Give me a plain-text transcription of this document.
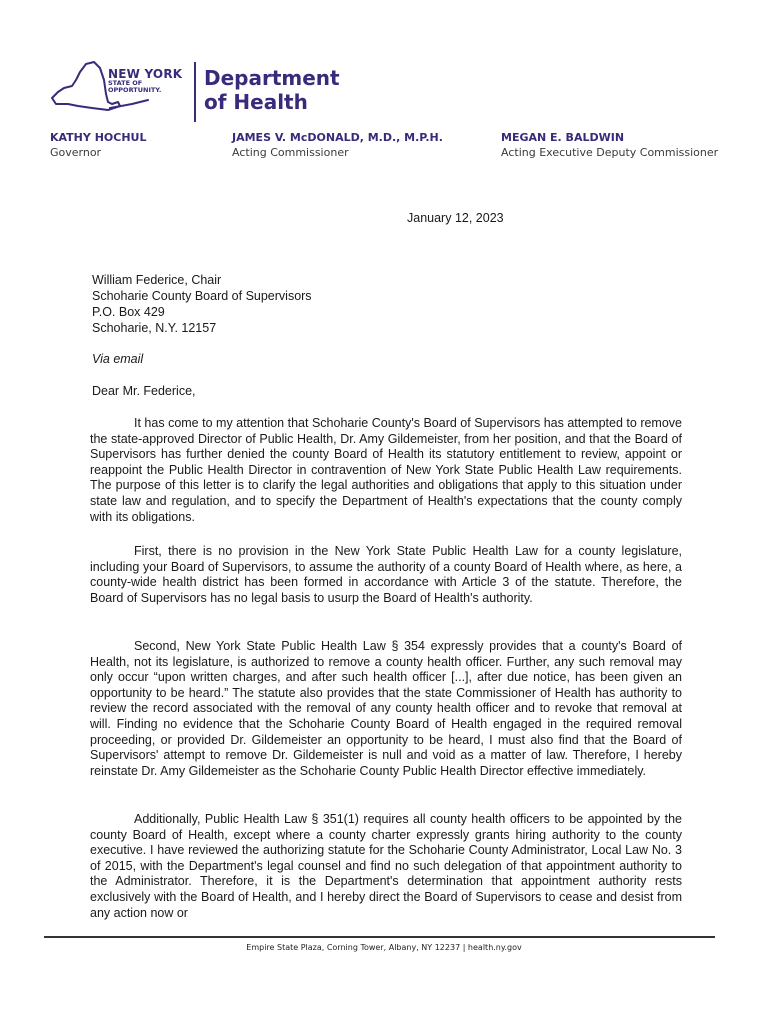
NEW YORK
STATE OF
OPPORTUNITY.	Department
of Health
KATHY HOCHUL
Governor
JAMES V. McDONALD, M.D., M.P.H.
Acting Commissioner
MEGAN E. BALDWIN
Acting Executive Deputy Commissioner
January 12, 2023
William Federice, Chair
Schoharie County Board of Supervisors
P.O. Box 429
Schoharie, N.Y. 12157
Via email
Dear Mr. Federice,
It has come to my attention that Schoharie County's Board of Supervisors has attempted to remove the state-approved Director of Public Health, Dr. Amy Gildemeister, from her position, and that the Board of Supervisors has further denied the county Board of Health its statutory entitlement to review, appoint or reappoint the Public Health Director in contravention of New York State Public Health Law requirements. The purpose of this letter is to clarify the legal authorities and obligations that apply to this situation under state law and regulation, and to specify the Department of Health's expectations that the county comply with its obligations.
First, there is no provision in the New York State Public Health Law for a county legislature, including your Board of Supervisors, to assume the authority of a county Board of Health where, as here, a county-wide health district has been formed in accordance with Article 3 of the statute. Therefore, the Board of Supervisors has no legal basis to usurp the Board of Health's authority.
Second, New York State Public Health Law § 354 expressly provides that a county's Board of Health, not its legislature, is authorized to remove a county health officer. Further, any such removal may only occur “upon written charges, and after such health officer [...], after due notice, has been given an opportunity to be heard.” The statute also provides that the state Commissioner of Health has authority to review the record associated with the removal of any county health officer and to revoke that removal at will. Finding no evidence that the Schoharie County Board of Health engaged in the required removal proceeding, or provided Dr. Gildemeister an opportunity to be heard, I must also find that the Board of Supervisors' attempt to remove Dr. Gildemeister is null and void as a matter of law. Therefore, I hereby reinstate Dr. Amy Gildemeister as the Schoharie County Public Health Director effective immediately.
Additionally, Public Health Law § 351(1) requires all county health officers to be appointed by the county Board of Health, except where a county charter expressly grants hiring authority to the county executive. I have reviewed the authorizing statute for the Schoharie County Administrator, Local Law No. 3 of 2015, with the Department's legal counsel and find no such delegation of that appointment authority to the Administrator. Therefore, it is the Department's determination that appointment authority rests exclusively with the Board of Health, and I hereby direct the Board of Supervisors to cease and desist from any action now or
Empire State Plaza, Corning Tower, Albany, NY 12237 | health.ny.gov
